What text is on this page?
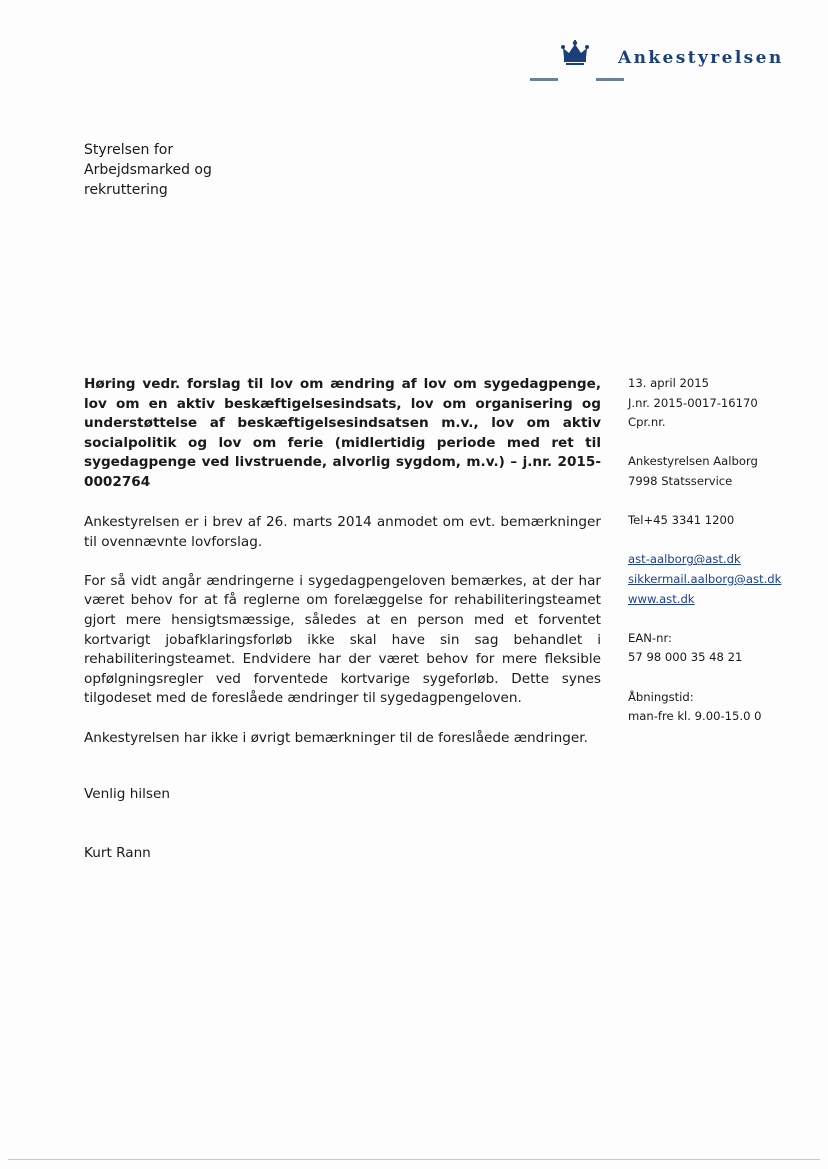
Ankestyrelsen
Styrelsen for
Arbejdsmarked og
rekruttering
Høring vedr. forslag til lov om ændring af lov om sygedagpenge, lov om en aktiv beskæftigelsesindsats, lov om organisering og understøttelse af beskæftigelsesindsatsen m.v., lov om aktiv socialpolitik og lov om ferie (midlertidig periode med ret til sygedagpenge ved livstruende, alvorlig sygdom, m.v.) – j.nr. 2015-0002764

Ankestyrelsen er i brev af 26. marts 2014 anmodet om evt. bemærkninger til ovennævnte lovforslag.

For så vidt angår ændringerne i sygedagpengeloven bemærkes, at der har været behov for at få reglerne om forelæggelse for rehabiliteringsteamet gjort mere hensigtsmæssige, således at en person med et forventet kortvarigt jobafklaringsforløb ikke skal have sin sag behandlet i rehabiliteringsteamet. Endvidere har der været behov for mere fleksible opfølgningsregler ved forventede kortvarige sygeforløb. Dette synes tilgodeset med de foreslåede ændringer til sygedagpengeloven.

Ankestyrelsen har ikke i øvrigt bemærkninger til de foreslåede ændringer.

Venlig hilsen
Kurt Rann
13. april 2015
J.nr. 2015-0017-16170
Cpr.nr.
Ankestyrelsen Aalborg
7998 Statsservice
Tel+45 3341 1200
ast-aalborg@ast.dk
sikkermail.aalborg@ast.dk
www.ast.dk
EAN-nr:
57 98 000 35 48 21
Åbningstid:
man-fre kl. 9.00-15.0 0
